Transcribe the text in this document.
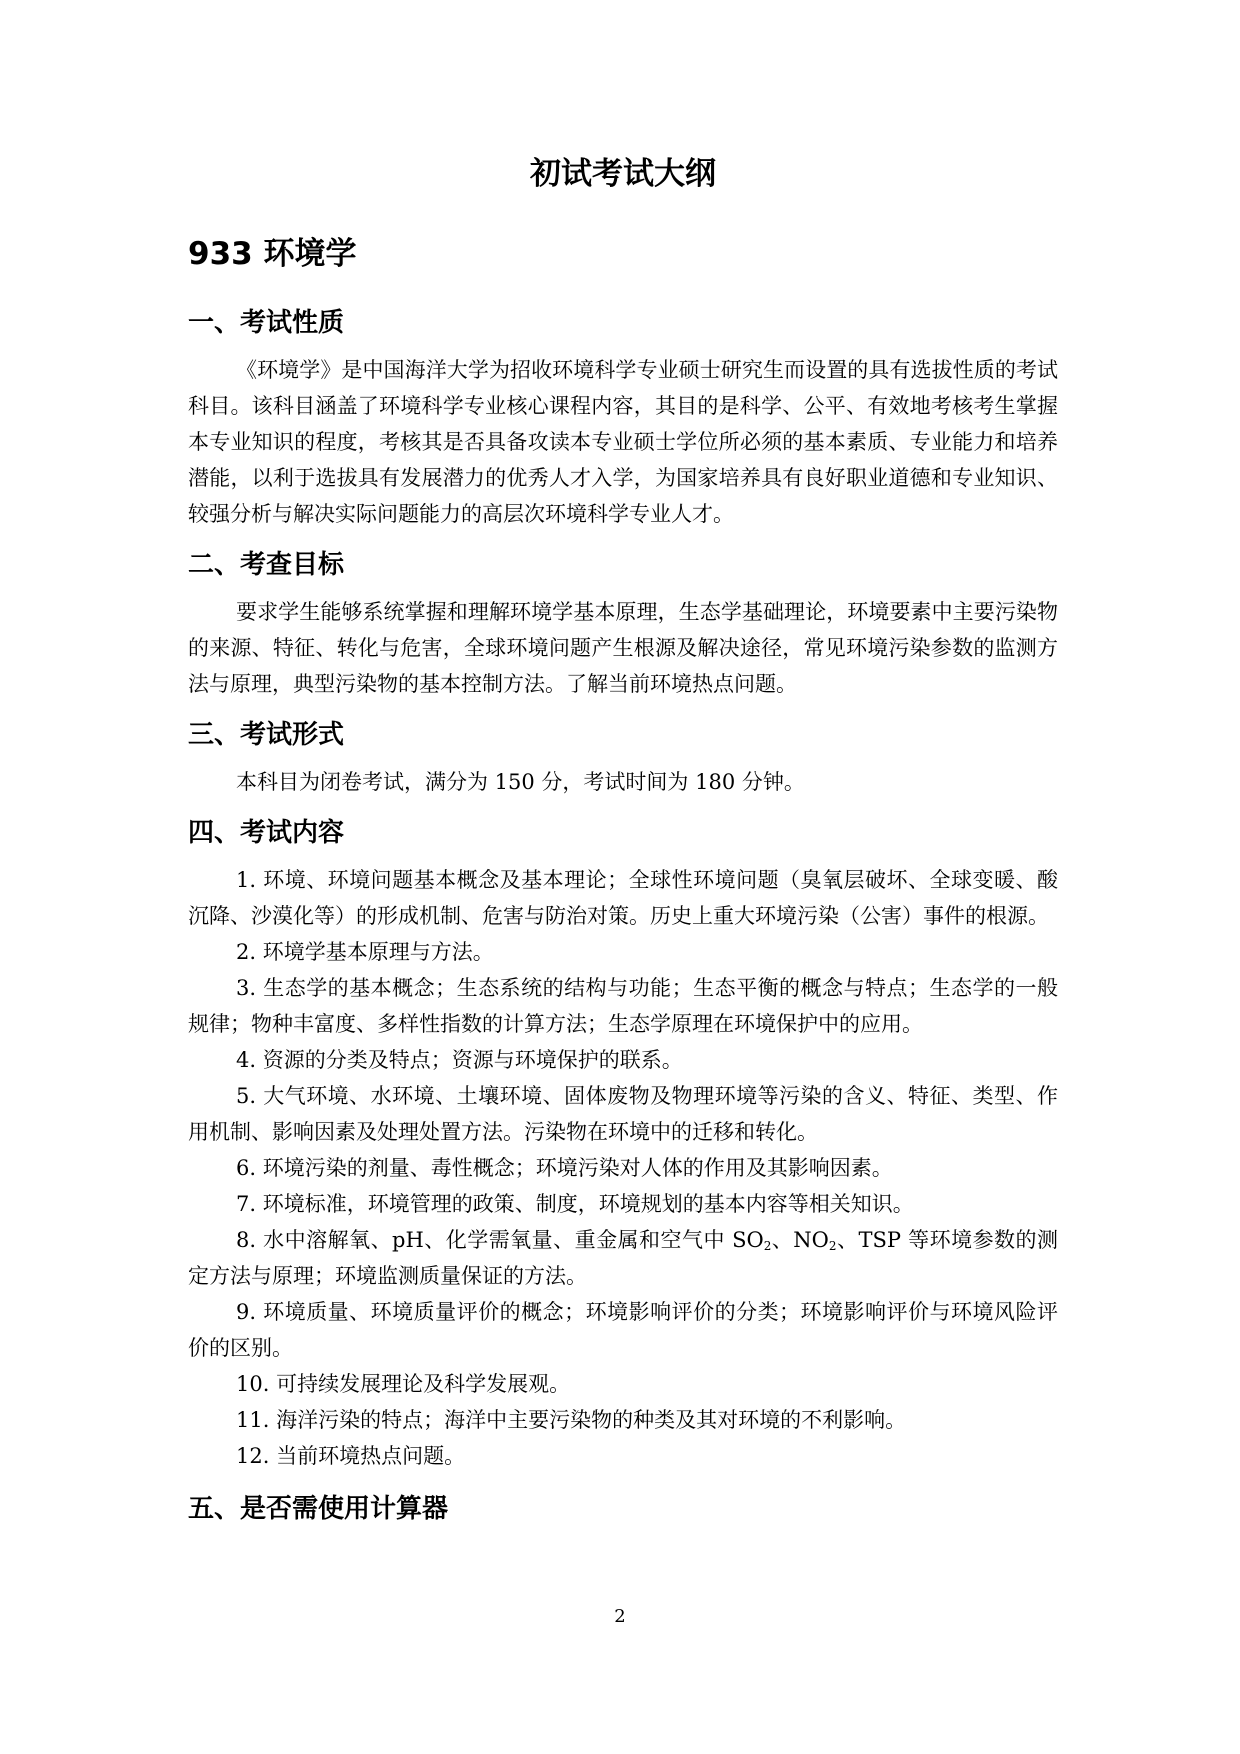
初试考试大纲
933 环境学
一、考试性质
《环境学》是中国海洋大学为招收环境科学专业硕士研究生而设置的具有选拔性质的考试科目。该科目涵盖了环境科学专业核心课程内容，其目的是科学、公平、有效地考核考生掌握本专业知识的程度，考核其是否具备攻读本专业硕士学位所必须的基本素质、专业能力和培养潜能，以利于选拔具有发展潜力的优秀人才入学，为国家培养具有良好职业道德和专业知识、较强分析与解决实际问题能力的高层次环境科学专业人才。
二、考查目标
要求学生能够系统掌握和理解环境学基本原理，生态学基础理论，环境要素中主要污染物的来源、特征、转化与危害，全球环境问题产生根源及解决途径，常见环境污染参数的监测方法与原理，典型污染物的基本控制方法。了解当前环境热点问题。
三、考试形式
本科目为闭卷考试，满分为 150 分，考试时间为 180 分钟。
四、考试内容
1. 环境、环境问题基本概念及基本理论；全球性环境问题（臭氧层破坏、全球变暖、酸沉降、沙漠化等）的形成机制、危害与防治对策。历史上重大环境污染（公害）事件的根源。
2. 环境学基本原理与方法。
3. 生态学的基本概念；生态系统的结构与功能；生态平衡的概念与特点；生态学的一般规律；物种丰富度、多样性指数的计算方法；生态学原理在环境保护中的应用。
4. 资源的分类及特点；资源与环境保护的联系。
5. 大气环境、水环境、土壤环境、固体废物及物理环境等污染的含义、特征、类型、作用机制、影响因素及处理处置方法。污染物在环境中的迁移和转化。
6. 环境污染的剂量、毒性概念；环境污染对人体的作用及其影响因素。
7. 环境标准，环境管理的政策、制度，环境规划的基本内容等相关知识。
8. 水中溶解氧、pH、化学需氧量、重金属和空气中 $SO_2$、$NO_2$、TSP 等环境参数的测定方法与原理；环境监测质量保证的方法。
9. 环境质量、环境质量评价的概念；环境影响评价的分类；环境影响评价与环境风险评价的区别。
10. 可持续发展理论及科学发展观。
11. 海洋污染的特点；海洋中主要污染物的种类及其对环境的不利影响。
12. 当前环境热点问题。
五、是否需使用计算器
2
